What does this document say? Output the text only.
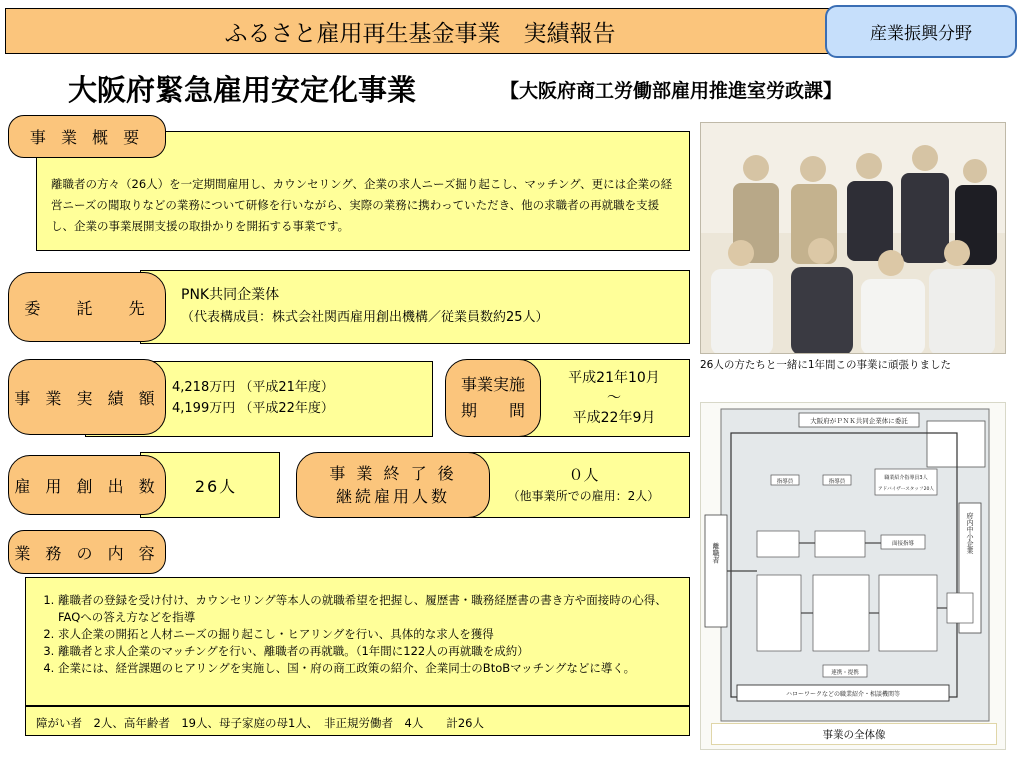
ふるさと雇用再生基金事業　実績報告	産業振興分野
大阪府緊急雇用安定化事業	【大阪府商工労働部雇用推進室労政課】
離職者の方々（26人）を一定期間雇用し、カウンセリング、企業の求人ニーズ掘り起こし、マッチング、更には企業の経営ニーズの聞取りなどの業務について研修を行いながら、実際の業務に携わっていただき、他の求職者の再就職を支援し、企業の事業展開支援の取掛かりを開拓する事業です。
事 業 概 要
PNK共同企業体
（代表構成員：株式会社関西雇用創出機構／従業員数約25人）
委　 託 　先
4,218万円 （平成21年度）
4,199万円 （平成22年度）
事 業 実 績 額
平成21年10月
～
平成22年9月
事業実施
期　　間
26人
雇 用 創 出 数
０人
（他事業所での雇用：2人）
事 業 終 了 後
継続雇用人数
1. 離職者の登録を受け付け、カウンセリング等本人の就職希望を把握し、履歴書・職務経歴書の書き方や面接時の心得、FAQへの答え方などを指導
2. 求人企業の開拓と人材ニーズの掘り起こし・ヒアリングを行い、具体的な求人を獲得
3. 離職者と求人企業のマッチングを行い、離職者の再就職。（1年間に122人の再就職を成約）
4. 企業には、経営課題のヒアリングを実施し、国・府の商工政策の紹介、企業同士のBtoBマッチングなどに導く。
障がい者　2人、高年齢者　19人、母子家庭の母1人、　非正規労働者　4人　　計26人
業 務 の 内 容
26人の方たちと一緒に1年間この事業に頑張りました
大阪府がＰＮＫ共同企業体に委託
指導員	指導員
職業紹介指導員3人
アドバイザースタッフ20人
離職者	府内中小企業
面接指導
連携・提携
ハローワークなどの職業紹介・相談機関等
事業の全体像
